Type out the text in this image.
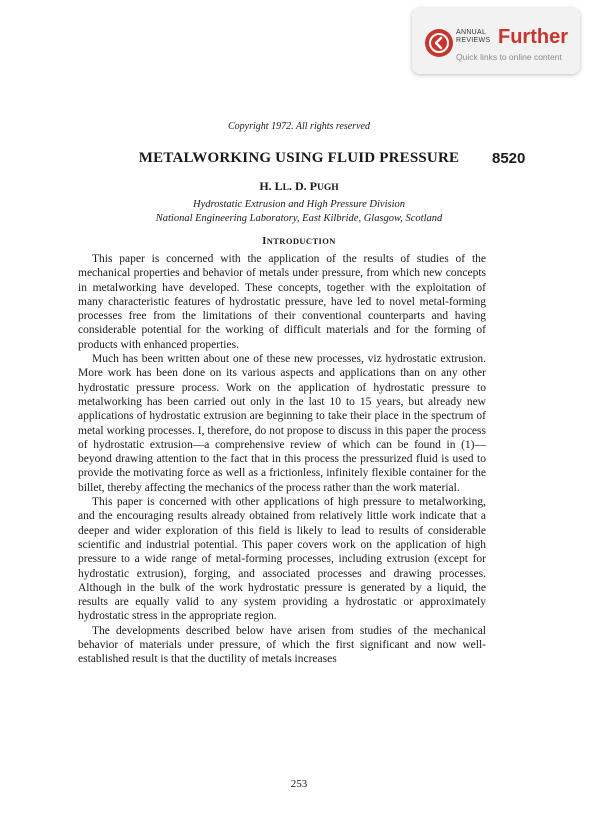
ANNUAL
REVIEWS Further
Quick links to online content
Copyright 1972. All rights reserved
METALWORKING USING FLUID PRESSURE	8520
H. LL. D. PUGH
Hydrostatic Extrusion and High Pressure Division
National Engineering Laboratory, East Kilbride, Glasgow, Scotland
INTRODUCTION

This paper is concerned with the application of the results of studies of the mechanical properties and behavior of metals under pressure, from which new concepts in metalworking have developed. These concepts, together with the exploitation of many characteristic features of hydrostatic pressure, have led to novel metal-forming processes free from the limitations of their conventional counterparts and having considerable potential for the working of difficult materials and for the forming of products with enhanced properties.

Much has been written about one of these new processes, viz hydrostatic extrusion. More work has been done on its various aspects and applications than on any other hydrostatic pressure process. Work on the application of hydrostatic pressure to metalworking has been carried out only in the last 10 to 15 years, but already new applications of hydrostatic extrusion are beginning to take their place in the spectrum of metal working processes. I, therefore, do not propose to discuss in this paper the process of hydrostatic extrusion—a comprehensive review of which can be found in (1)—beyond drawing attention to the fact that in this process the pressurized fluid is used to provide the motivating force as well as a frictionless, infinitely flexible container for the billet, thereby affecting the mechanics of the process rather than the work material.

This paper is concerned with other applications of high pressure to metalworking, and the encouraging results already obtained from relatively little work indicate that a deeper and wider exploration of this field is likely to lead to results of considerable scientific and industrial potential. This paper covers work on the application of high pressure to a wide range of metal-forming processes, including extrusion (except for hydrostatic extrusion), forging, and associated processes and drawing processes. Although in the bulk of the work hydrostatic pressure is generated by a liquid, the results are equally valid to any system providing a hydrostatic or approximately hydrostatic stress in the appropriate region.

The developments described below have arisen from studies of the mechanical behavior of materials under pressure, of which the first significant and now well-established result is that the ductility of metals increases

253
